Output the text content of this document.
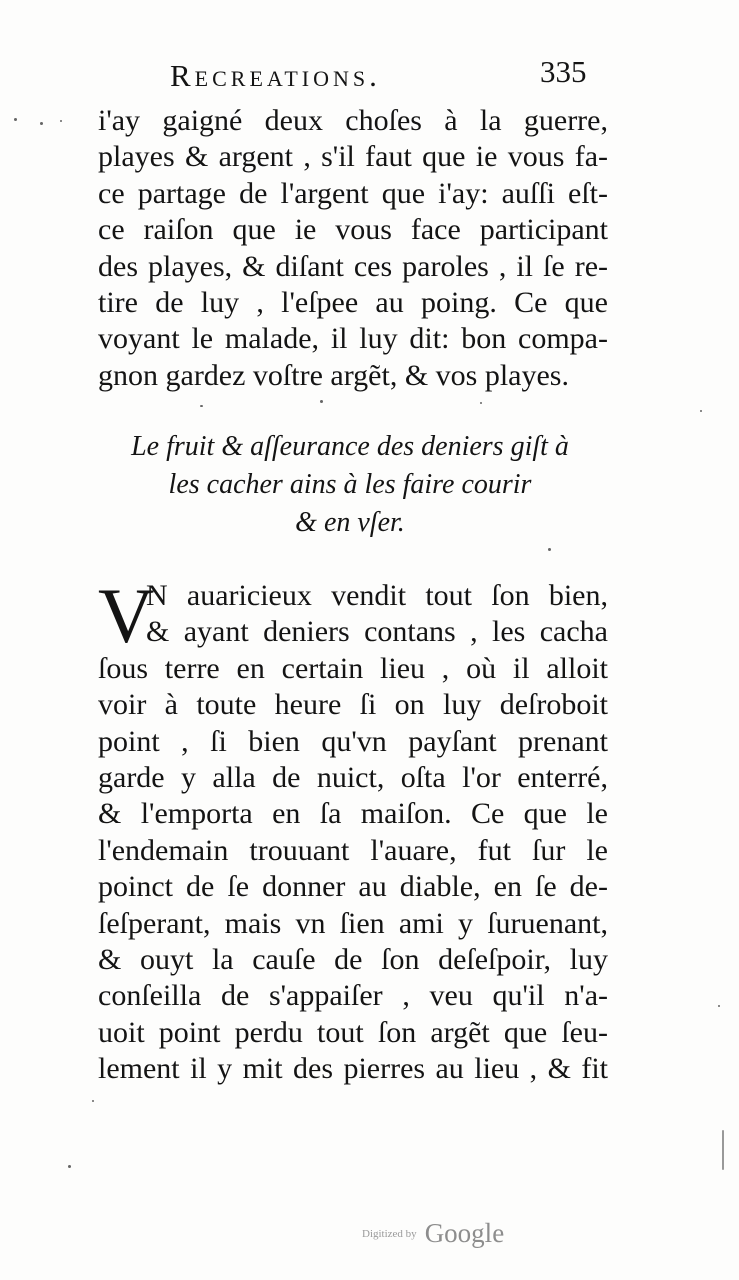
Recreations.	335
i'ay gaigné deux choſes à la guerre,
playes & argent , s'il faut que ie vous fa-
ce partage de l'argent que i'ay: auſſi eſt-
ce raiſon que ie vous face participant
des playes, & diſant ces paroles , il ſe re-
tire de luy , l'eſpee au poing. Ce que
voyant le malade, il luy dit: bon compa-
gnon gardez voſtre argẽt, & vos playes.
Le fruit & aſſeurance des deniers giſt à
les cacher ains à les faire courir
& en vſer.
V
N auaricieux vendit tout ſon bien,
& ayant deniers contans , les cacha
ſous terre en certain lieu , où il alloit
voir à toute heure ſi on luy deſroboit
point , ſi bien qu'vn payſant prenant
garde y alla de nuict, oſta l'or enterré,
& l'emporta en ſa maiſon. Ce que le
l'endemain trouuant l'auare, fut ſur le
poinct de ſe donner au diable, en ſe de-
ſeſperant, mais vn ſien ami y ſuruenant,
& ouyt la cauſe de ſon deſeſpoir, luy
conſeilla de s'appaiſer , veu qu'il n'a-
uoit point perdu tout ſon argẽt que ſeu-
lement il y mit des pierres au lieu , & fit
Digitized by Google
